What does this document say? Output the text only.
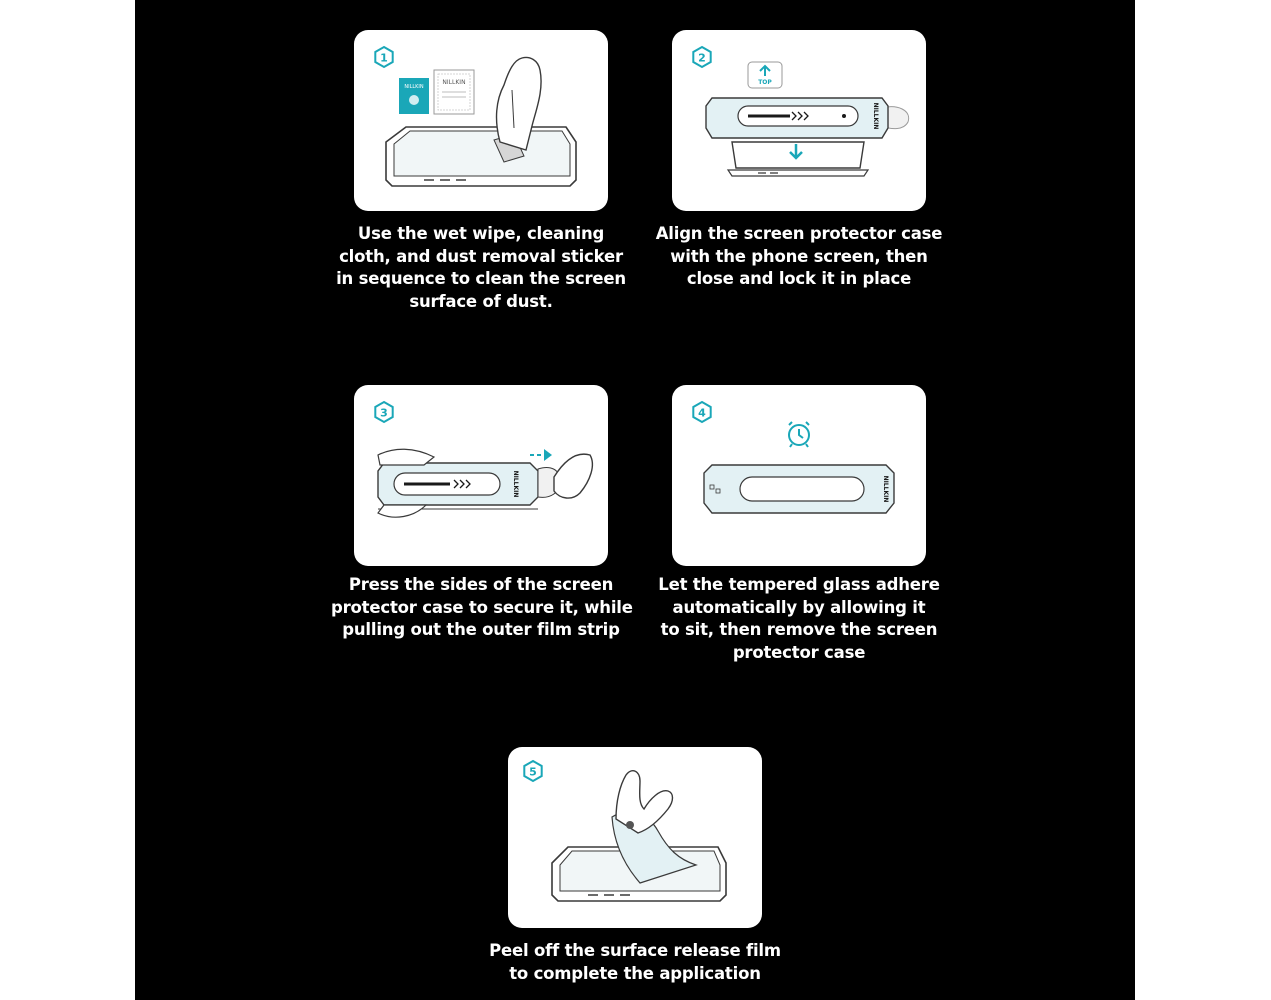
1
NILLKIN
NILLKIN
Use the wet wipe, cleaning
cloth, and dust removal sticker
in sequence to clean the screen
surface of dust.
2
TOP
NILLKIN
Align the screen protector case
with the phone screen, then
close and lock it in place
3
NILLKIN
Press the sides of the screen
protector case to secure it, while
pulling out the outer film strip
4
NILLKIN
Let the tempered glass adhere
automatically by allowing it
to sit, then remove the screen
protector case
5
Peel off the surface release film
to complete the application
